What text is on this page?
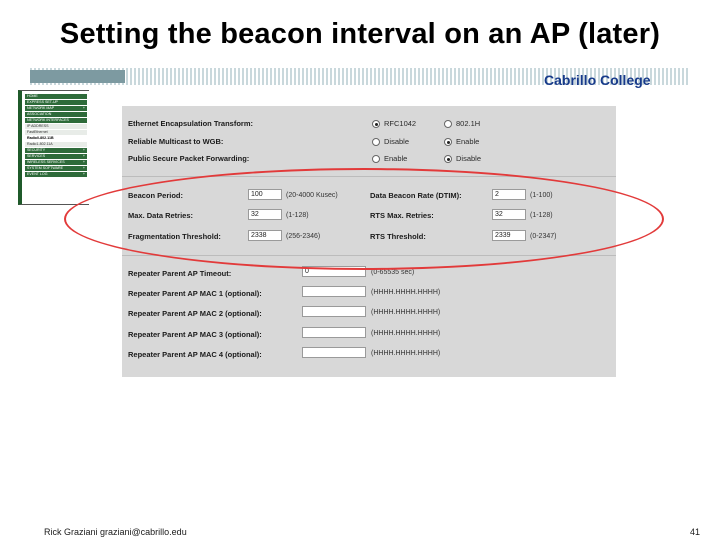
Setting the beacon interval on an AP (later)
Cabrillo College
HOME
EXPRESS SET-UP
NETWORK MAP	+
ASSOCIATION
NETWORK INTERFACES
IP ADDRESS
FastEthernet
Radio0-802.11B
Radio1-802.11A
SECURITY	+
SERVICES	+
WIRELESS SERVICES	+
SYSTEM SOFTWARE	+
EVENT LOG	+
Ethernet Encapsulation Transform:	RFC1042	802.1H
Reliable Multicast to WGB:	Disable	Enable
Public Secure Packet Forwarding:	Enable	Disable
Beacon Period:
100	(20-4000 Kusec)
Max. Data Retries:
32	(1-128)
Fragmentation Threshold:
2338	(256-2346)
Data Beacon Rate (DTIM):
2	(1-100)
RTS Max. Retries:
32	(1-128)
RTS Threshold:
2339	(0-2347)
Repeater Parent AP Timeout:
0	(0-65535 sec)
Repeater Parent AP MAC 1 (optional):	(HHHH.HHHH.HHHH)
Repeater Parent AP MAC 2 (optional):	(HHHH.HHHH.HHHH)
Repeater Parent AP MAC 3 (optional):	(HHHH.HHHH.HHHH)
Repeater Parent AP MAC 4 (optional):	(HHHH.HHHH.HHHH)
Rick Graziani graziani@cabrillo.edu	41
